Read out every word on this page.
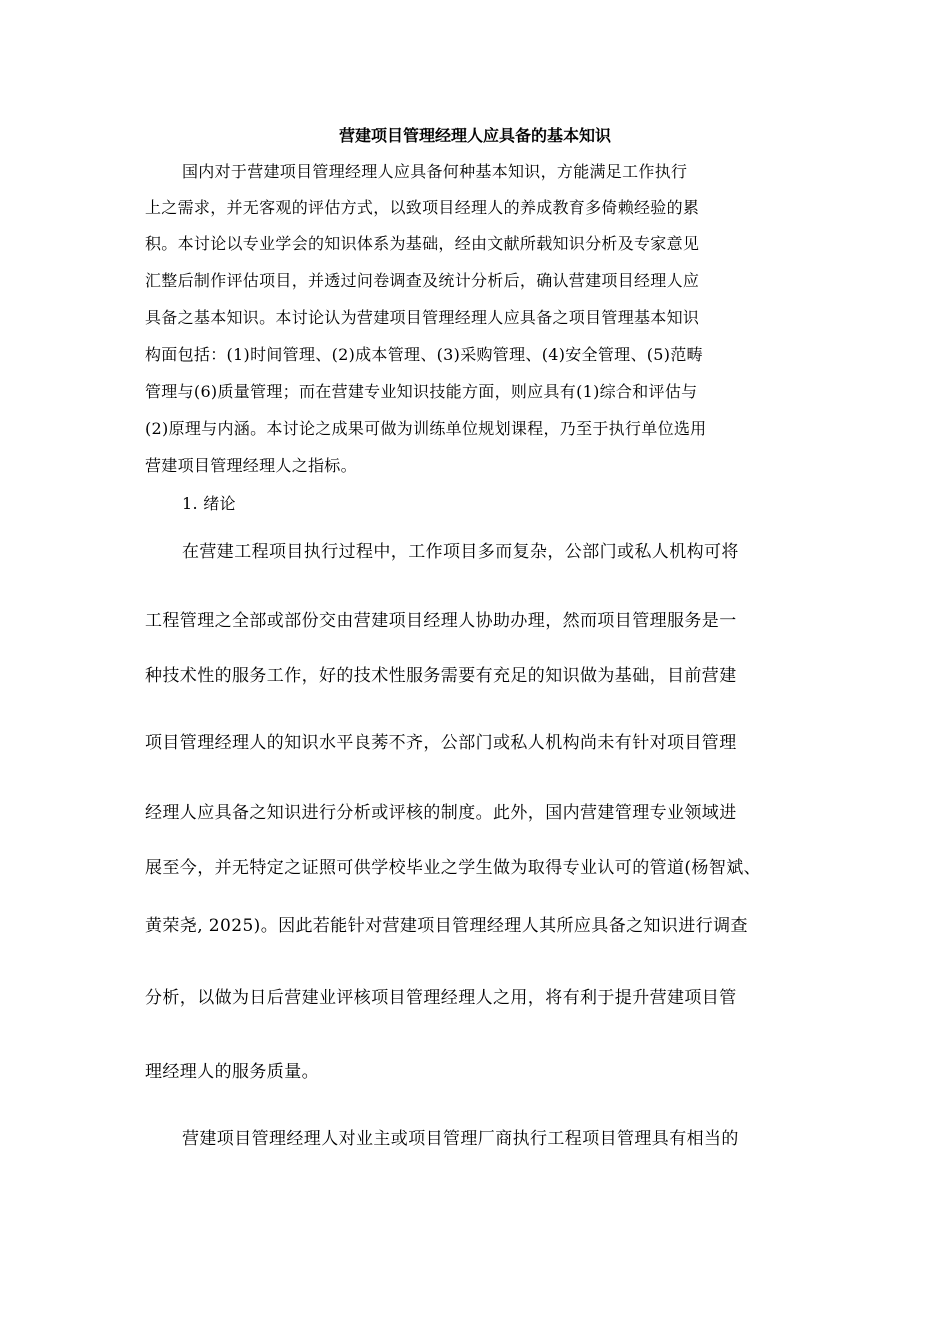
营建项目管理经理人应具备的基本知识
国内对于营建项目管理经理人应具备何种基本知识，方能满足工作执行
上之需求，并无客观的评估方式，以致项目经理人的养成教育多倚赖经验的累
积。本讨论以专业学会的知识体系为基础，经由文献所载知识分析及专家意见
汇整后制作评估项目，并透过问卷调查及统计分析后，确认营建项目经理人应
具备之基本知识。本讨论认为营建项目管理经理人应具备之项目管理基本知识
构面包括：(1)时间管理、(2)成本管理、(3)采购管理、(4)安全管理、(5)范畴
管理与(6)质量管理；而在营建专业知识技能方面，则应具有(1)综合和评估与
(2)原理与内涵。本讨论之成果可做为训练单位规划课程，乃至于执行单位选用
营建项目管理经理人之指标。
1. 绪论
在营建工程项目执行过程中，工作项目多而复杂，公部门或私人机构可将
工程管理之全部或部份交由营建项目经理人协助办理，然而项目管理服务是一
种技术性的服务工作，好的技术性服务需要有充足的知识做为基础，目前营建
项目管理经理人的知识水平良莠不齐，公部门或私人机构尚未有针对项目管理
经理人应具备之知识进行分析或评核的制度。此外，国内营建管理专业领域进
展至今，并无特定之证照可供学校毕业之学生做为取得专业认可的管道(杨智斌、
黄荣尧, 2025)。因此若能针对营建项目管理经理人其所应具备之知识进行调查
分析，以做为日后营建业评核项目管理经理人之用，将有利于提升营建项目管
理经理人的服务质量。
营建项目管理经理人对业主或项目管理厂商执行工程项目管理具有相当的
